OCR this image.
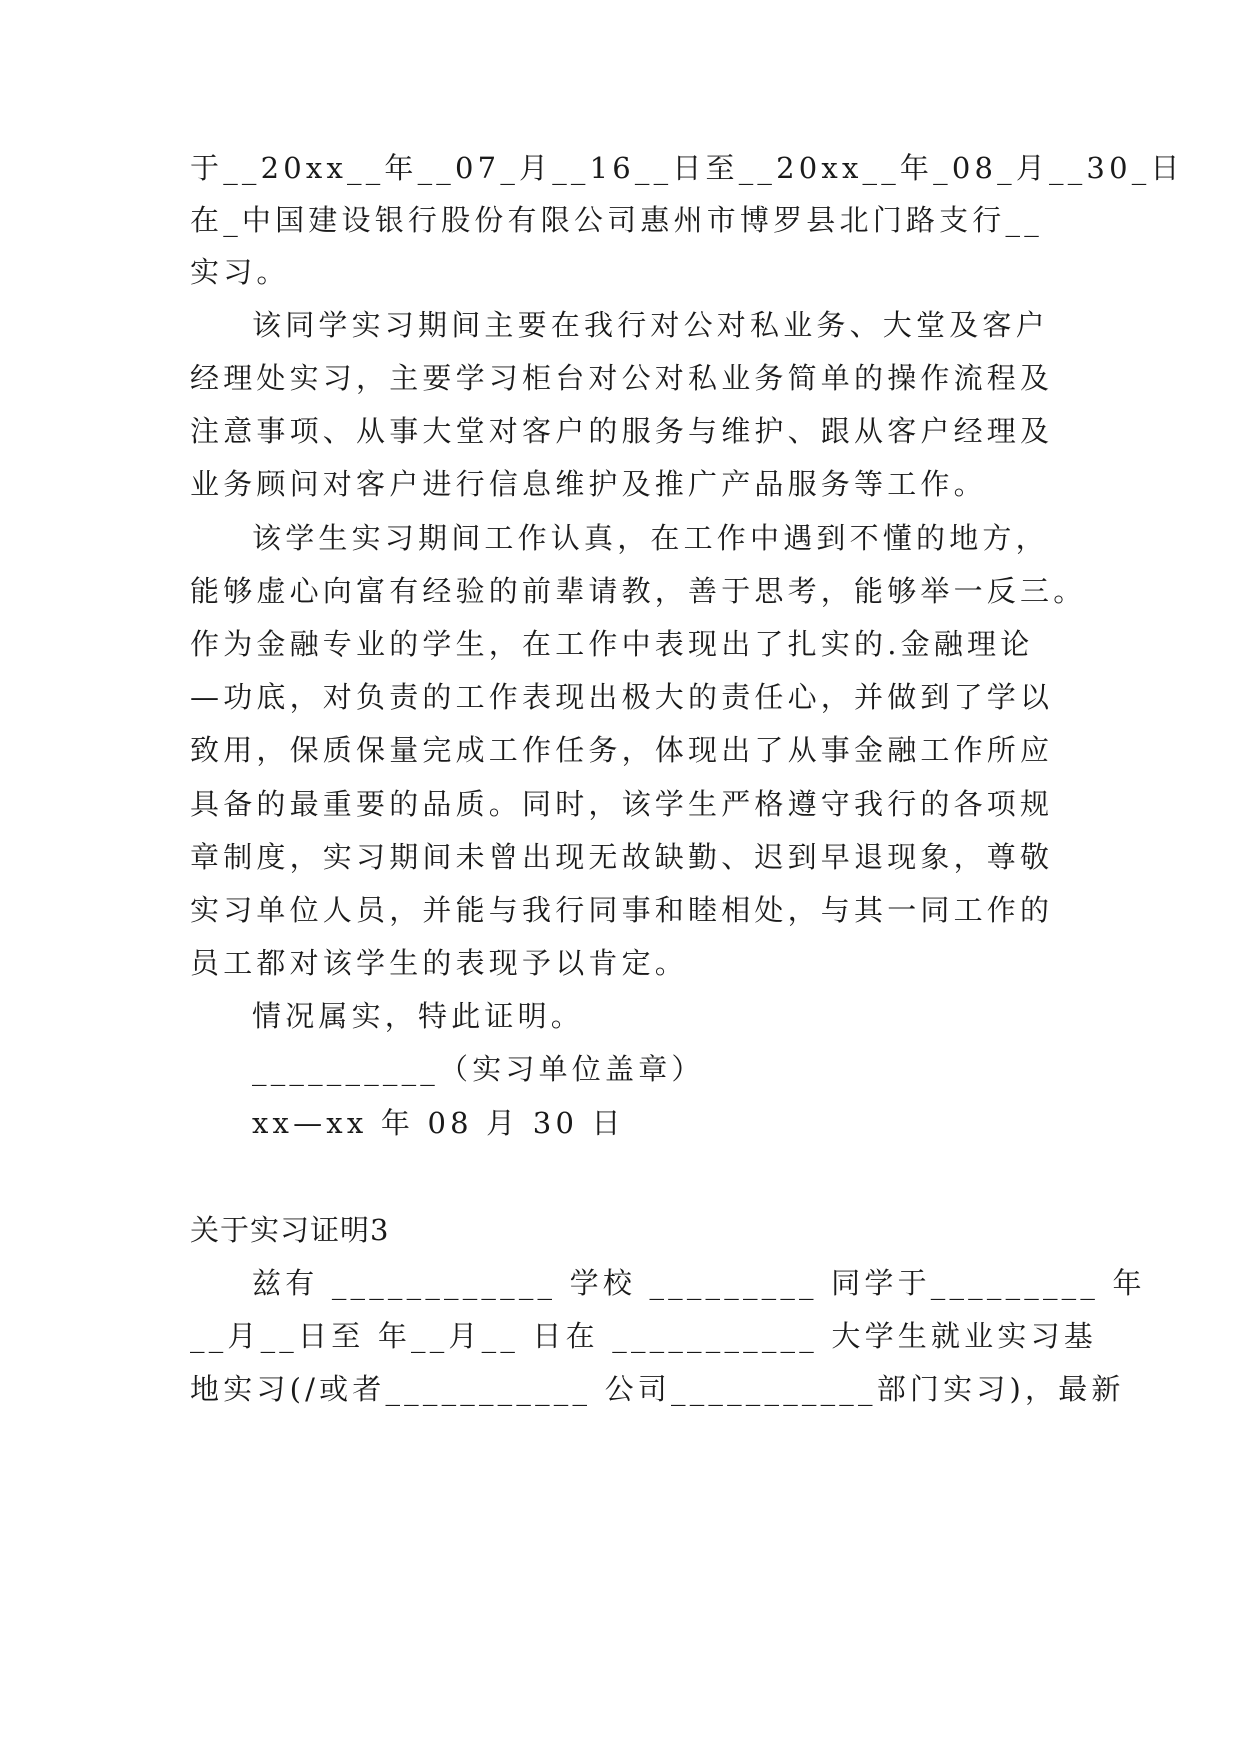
于__20xx__年__07_月__16__日至__20xx__年_08_月__30_日
在_中国建设银行股份有限公司惠州市博罗县北门路支行__
实习。
该同学实习期间主要在我行对公对私业务、大堂及客户
经理处实习，主要学习柜台对公对私业务简单的操作流程及
注意事项、从事大堂对客户的服务与维护、跟从客户经理及
业务顾问对客户进行信息维护及推广产品服务等工作。
该学生实习期间工作认真，在工作中遇到不懂的地方，
能够虚心向富有经验的前辈请教，善于思考，能够举一反三。
作为金融专业的学生，在工作中表现出了扎实的.金融理论
—功底，对负责的工作表现出极大的责任心，并做到了学以
致用，保质保量完成工作任务，体现出了从事金融工作所应
具备的最重要的品质。同时，该学生严格遵守我行的各项规
章制度，实习期间未曾出现无故缺勤、迟到早退现象，尊敬
实习单位人员，并能与我行同事和睦相处，与其一同工作的
员工都对该学生的表现予以肯定。
情况属实，特此证明。
__________（实习单位盖章）
xx—xx 年 08 月 30 日
关于实习证明3
兹有 ____________ 学校 _________ 同学于_________ 年
__月__日至 年__月__ 日在 ___________ 大学生就业实习基
地实习(/或者___________ 公司___________部门实习)，最新
